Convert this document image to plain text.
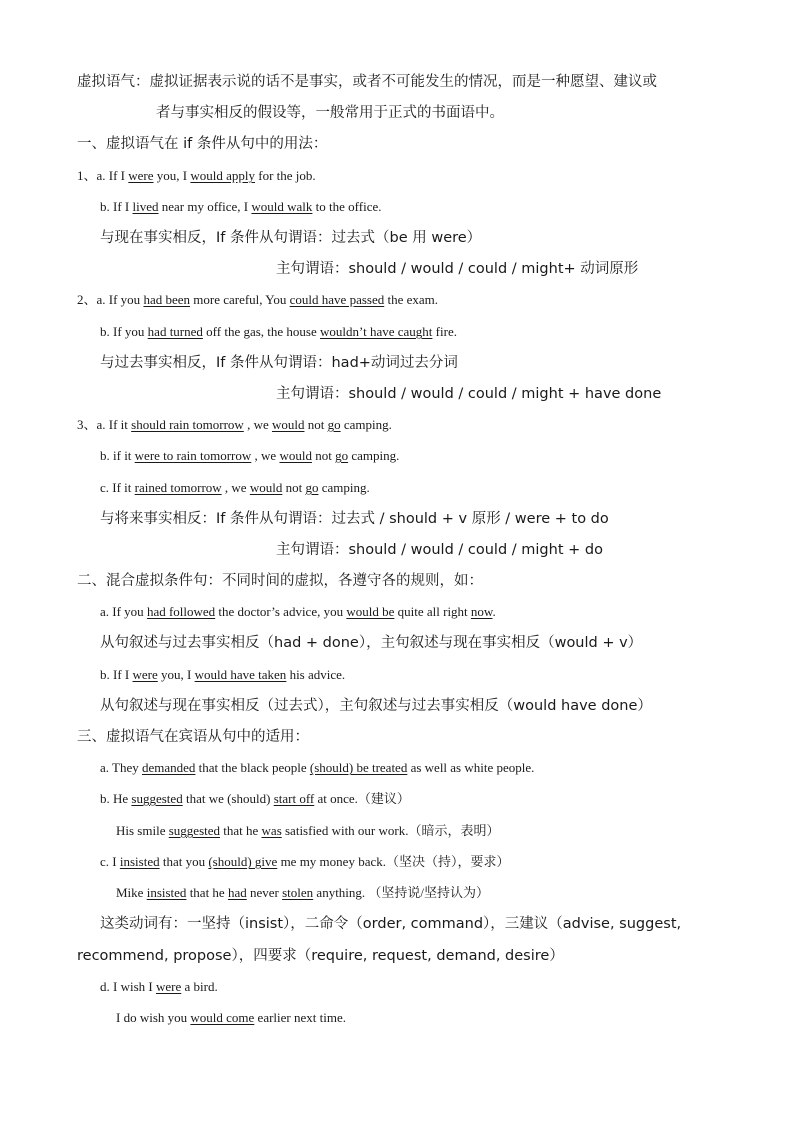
虚拟语气：虚拟证据表示说的话不是事实，或者不可能发生的情况，而是一种愿望、建议或
者与事实相反的假设等，一般常用于正式的书面语中。
一、虚拟语气在 if 条件从句中的用法：
1、a. If I were you, I would apply for the job.
b. If I lived near my office, I would walk to the office.
与现在事实相反，If 条件从句谓语：过去式（be 用 were）
主句谓语：should / would / could / might+ 动词原形
2、a. If you had been more careful, You could have passed the exam.
b. If you had turned off the gas, the house wouldn’t have caught fire.
与过去事实相反，If 条件从句谓语：had+动词过去分词
主句谓语：should / would / could / might + have done
3、a. If it should rain tomorrow , we would not go camping.
b. if it were to rain tomorrow , we would not go camping.
c. If it rained tomorrow , we would not go camping.
与将来事实相反：If 条件从句谓语：过去式 / should + v 原形 / were + to do
主句谓语：should / would / could / might + do
二、混合虚拟条件句：不同时间的虚拟，各遵守各的规则，如：
a. If you had followed the doctor’s advice, you would be quite all right now.
从句叙述与过去事实相反（had + done），主句叙述与现在事实相反（would + v）
b. If I were you, I would have taken his advice.
从句叙述与现在事实相反（过去式），主句叙述与过去事实相反（would have done）
三、虚拟语气在宾语从句中的适用：
a. They demanded that the black people (should) be treated as well as white people.
b. He suggested that we (should) start off at once.（建议）
His smile suggested that he was satisfied with our work.（暗示，表明）
c. I insisted that you (should) give me my money back.（坚决（持），要求）
Mike insisted that he had never stolen anything. （坚持说/坚持认为）
这类动词有：一坚持（insist），二命令（order, command），三建议（advise, suggest,
recommend, propose），四要求（require, request, demand, desire）
d. I wish I were a bird.
I do wish you would come earlier next time.
